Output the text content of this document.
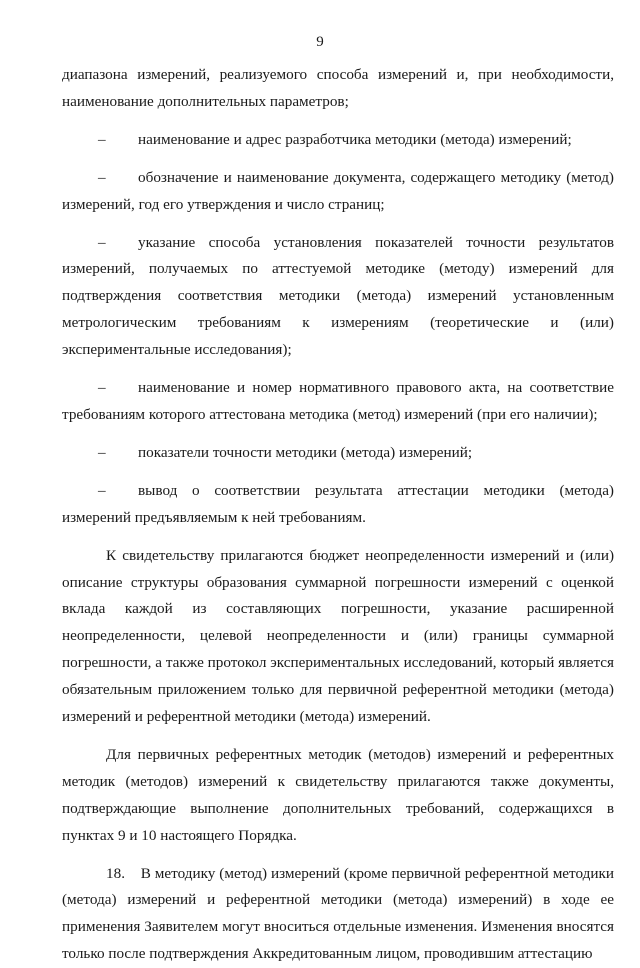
9

диапазона измерений, реализуемого способа измерений и, при необходимости, наименование дополнительных параметров;

– наименование и адрес разработчика методики (метода) измерений;

– обозначение и наименование документа, содержащего методику (метод) измерений, год его утверждения и число страниц;

– указание способа установления показателей точности результатов измерений, получаемых по аттестуемой методике (методу) измерений для подтверждения соответствия методики (метода) измерений установленным метрологическим требованиям к измерениям (теоретические и (или) экспериментальные исследования);

– наименование и номер нормативного правового акта, на соответствие требованиям которого аттестована методика (метод) измерений (при его наличии);

– показатели точности методики (метода) измерений;

– вывод о соответствии результата аттестации методики (метода) измерений предъявляемым к ней требованиям.

К свидетельству прилагаются бюджет неопределенности измерений и (или) описание структуры образования суммарной погрешности измерений с оценкой вклада каждой из составляющих погрешности, указание расширенной неопределенности, целевой неопределенности и (или) границы суммарной погрешности, а также протокол экспериментальных исследований, который является обязательным приложением только для первичной референтной методики (метода) измерений и референтной методики (метода) измерений.

Для первичных референтных методик (методов) измерений и референтных методик (методов) измерений к свидетельству прилагаются также документы, подтверждающие выполнение дополнительных требований, содержащихся в пунктах 9 и 10 настоящего Порядка.

18. В методику (метод) измерений (кроме первичной референтной методики (метода) измерений и референтной методики (метода) измерений) в ходе ее применения Заявителем могут вноситься отдельные изменения. Изменения вносятся только после подтверждения Аккредитованным лицом, проводившим аттестацию
